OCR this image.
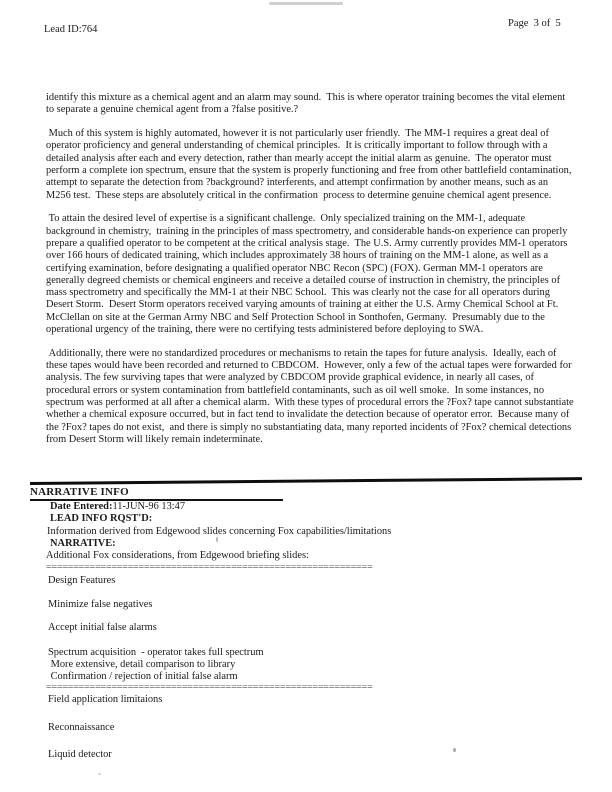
Lead ID:764
Page  3 of  5

identify this mixture as a chemical agent and an alarm may sound.  This is where operator training becomes the vital element to separate a genuine chemical agent from a ?false positive.?

Much of this system is highly automated, however it is not particularly user friendly.  The MM-1 requires a great deal of operator proficiency and general understanding of chemical principles.  It is critically important to follow through with a detailed analysis after each and every detection, rather than mearly accept the initial alarm as genuine.  The operator must perform a complete ion spectrum, ensure that the system is properly functioning and free from other battlefield contamination, attempt to separate the detection from ?background? interferents, and attempt confirmation by another means, such as an M256 test.  These steps are absolutely critical in the confirmation  process to determine genuine chemical agent presence.

To attain the desired level of expertise is a significant challenge.  Only specialized training on the MM-1, adequate background in chemistry,  training in the principles of mass spectrometry, and considerable hands-on experience can properly prepare a qualified operator to be competent at the critical analysis stage.  The U.S. Army currently provides MM-1 operators over 166 hours of dedicated training, which includes approximately 38 hours of training on the MM-1 alone, as well as a certifying examination, before designating a qualified operator NBC Recon (SPC) (FOX). German MM-1 operators are generally degreed chemists or chemical engineers and receive a detailed course of instruction in chemistry, the principles of mass spectrometry and specifically the MM-1 at their NBC School.  This was clearly not the case for all operators during Desert Storm.  Desert Storm operators received varying amounts of training at either the U.S. Army Chemical School at Ft. McClellan on site at the German Army NBC and Self Protection School in Sonthofen, Germany.  Presumably due to the operational urgency of the training, there were no certifying tests administered before deploying to SWA.

Additionally, there were no standardized procedures or mechanisms to retain the tapes for future analysis.  Ideally, each of these tapes would have been recorded and returned to CBDCOM.  However, only a few of the actual tapes were forwarded for  analysis. The few surviving tapes that were analyzed by CBDCOM provide graphical evidence, in nearly all cases, of procedural errors or system contamination from battlefield contaminants, such as oil well smoke.  In some instances, no spectrum was performed at all after a chemical alarm.  With these types of procedural errors the ?Fox? tape cannot substantiate whether a chemical exposure occurred, but in fact tend to invalidate the detection because of operator error.  Because many of the ?Fox? tapes do not exist,  and there is simply no substantiating data, many reported incidents of ?Fox? chemical detections from Desert Storm will likely remain indeterminate.

NARRATIVE INFO

Date Entered:11-JUN-96 13:47

LEAD INFO RQST'D:

Information derived from Edgewood slides concerning Fox capabilities/limitations

NARRATIVE:

Additional Fox considerations, from Edgewood briefing slides:

============================================================

Design Features

Minimize false negatives

Accept initial false alarms

Spectrum acquisition  - operator takes full spectrum

More extensive, detail comparison to library

Confirmation / rejection of initial false alarm

============================================================

Field application limitaions

Reconnaissance

Liquid detector
